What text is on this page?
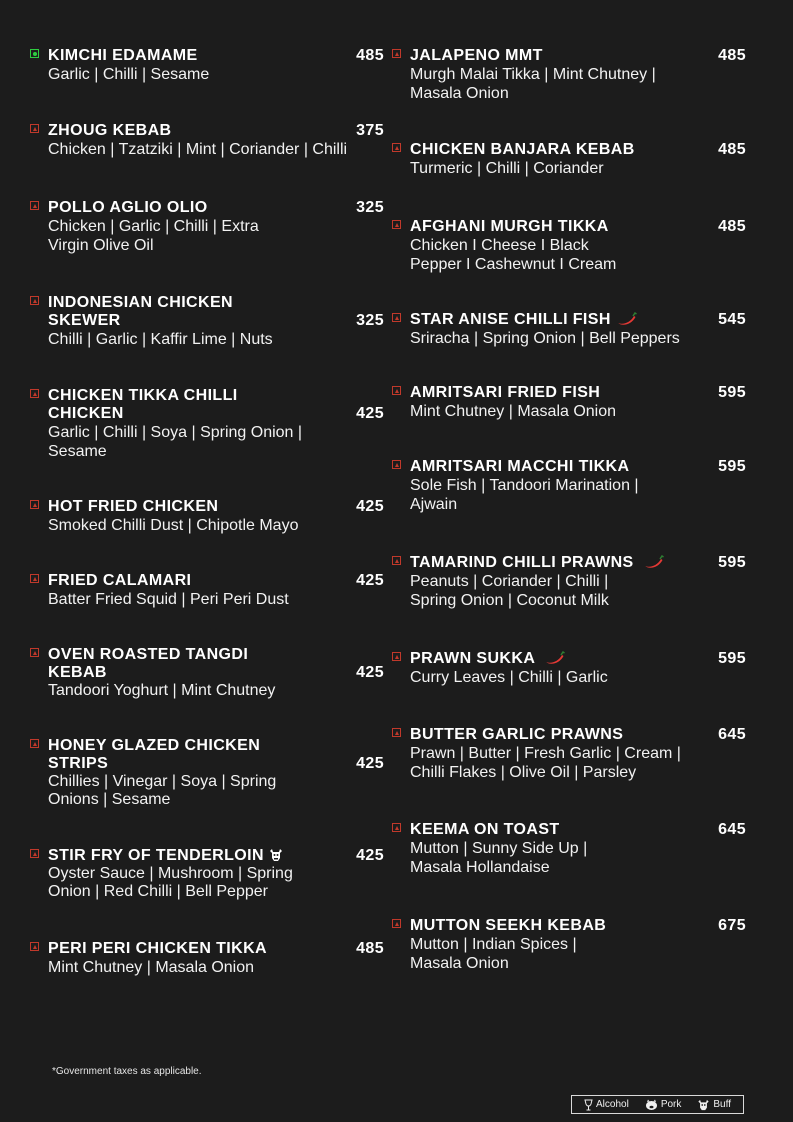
KIMCHI EDAMAME	485
Garlic | Chilli | Sesame
ZHOUG KEBAB	375
Chicken | Tzatziki | Mint | Coriander | Chilli
POLLO AGLIO OLIO	325
Chicken | Garlic | Chilli | Extra
Virgin Olive Oil
INDONESIAN CHICKEN
SKEWER	325
Chilli | Garlic | Kaffir Lime | Nuts
CHICKEN TIKKA CHILLI
CHICKEN	425
Garlic | Chilli | Soya | Spring Onion |
Sesame
HOT FRIED CHICKEN	425
Smoked Chilli Dust | Chipotle Mayo
FRIED CALAMARI	425
Batter Fried Squid | Peri Peri Dust
OVEN ROASTED TANGDI
KEBAB	425
Tandoori Yoghurt | Mint Chutney
HONEY GLAZED CHICKEN
STRIPS	425
Chillies | Vinegar | Soya | Spring
Onions | Sesame
STIR FRY OF TENDERLOIN	425
Oyster Sauce | Mushroom | Spring
Onion | Red Chilli | Bell Pepper
PERI PERI CHICKEN TIKKA	485
Mint Chutney | Masala Onion
JALAPENO MMT	485
Murgh Malai Tikka | Mint Chutney |
Masala Onion
CHICKEN BANJARA KEBAB	485
Turmeric | Chilli | Coriander
AFGHANI MURGH TIKKA	485
Chicken I Cheese I Black
Pepper I Cashewnut I Cream
STAR ANISE CHILLI FISH	545
Sriracha | Spring Onion | Bell Peppers
AMRITSARI FRIED FISH	595
Mint Chutney | Masala Onion
AMRITSARI MACCHI TIKKA	595
Sole Fish | Tandoori Marination |
Ajwain
TAMARIND CHILLI PRAWNS	595
Peanuts | Coriander | Chilli |
Spring Onion | Coconut Milk
PRAWN SUKKA	595
Curry Leaves | Chilli | Garlic
BUTTER GARLIC PRAWNS	645
Prawn | Butter | Fresh Garlic | Cream |
Chilli Flakes | Olive Oil | Parsley
KEEMA ON TOAST	645
Mutton | Sunny Side Up |
Masala Hollandaise
MUTTON SEEKH KEBAB	675
Mutton | Indian Spices |
Masala Onion
*Government taxes as applicable.
Alcohol	Pork	Buff
